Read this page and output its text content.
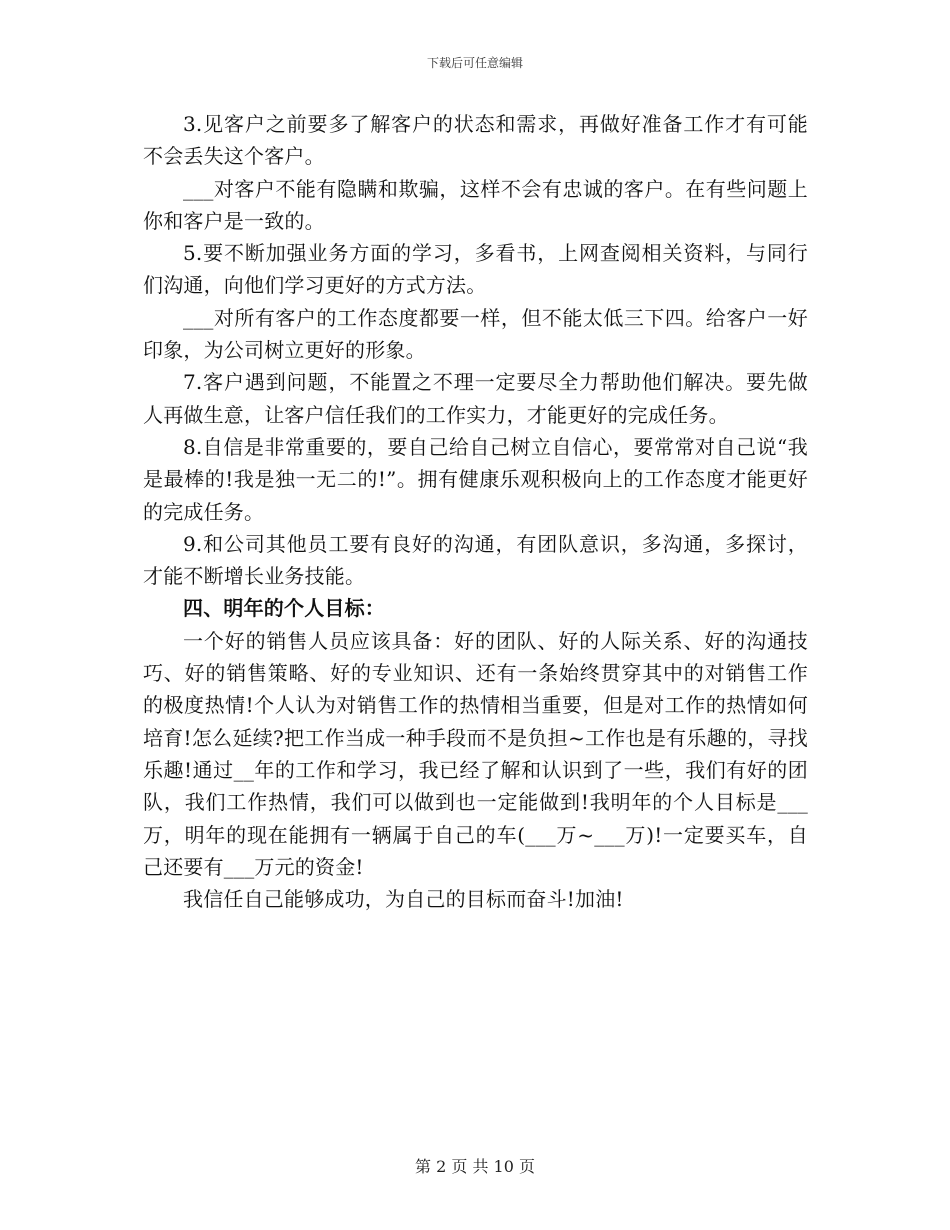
下载后可任意编辑

3.见客户之前要多了解客户的状态和需求，再做好准备工作才有可能不会丢失这个客户。

___对客户不能有隐瞒和欺骗，这样不会有忠诚的客户。在有些问题上你和客户是一致的。

5.要不断加强业务方面的学习，多看书，上网查阅相关资料，与同行们沟通，向他们学习更好的方式方法。

___对所有客户的工作态度都要一样，但不能太低三下四。给客户一好印象，为公司树立更好的形象。

7.客户遇到问题，不能置之不理一定要尽全力帮助他们解决。要先做人再做生意，让客户信任我们的工作实力，才能更好的完成任务。

8.自信是非常重要的，要自己给自己树立自信心，要常常对自己说“我是最棒的!我是独一无二的!”。拥有健康乐观积极向上的工作态度才能更好的完成任务。

9.和公司其他员工要有良好的沟通，有团队意识，多沟通，多探讨，才能不断增长业务技能。

四、明年的个人目标：

一个好的销售人员应该具备：好的团队、好的人际关系、好的沟通技巧、好的销售策略、好的专业知识、还有一条始终贯穿其中的对销售工作的极度热情!个人认为对销售工作的热情相当重要，但是对工作的热情如何培育!怎么延续?把工作当成一种手段而不是负担~工作也是有乐趣的，寻找乐趣!通过__年的工作和学习，我已经了解和认识到了一些，我们有好的团队，我们工作热情，我们可以做到也一定能做到!我明年的个人目标是___万，明年的现在能拥有一辆属于自己的车(___万~___万)!一定要买车，自己还要有___万元的资金!

我信任自己能够成功，为自己的目标而奋斗!加油!

第 2 页 共 10 页
